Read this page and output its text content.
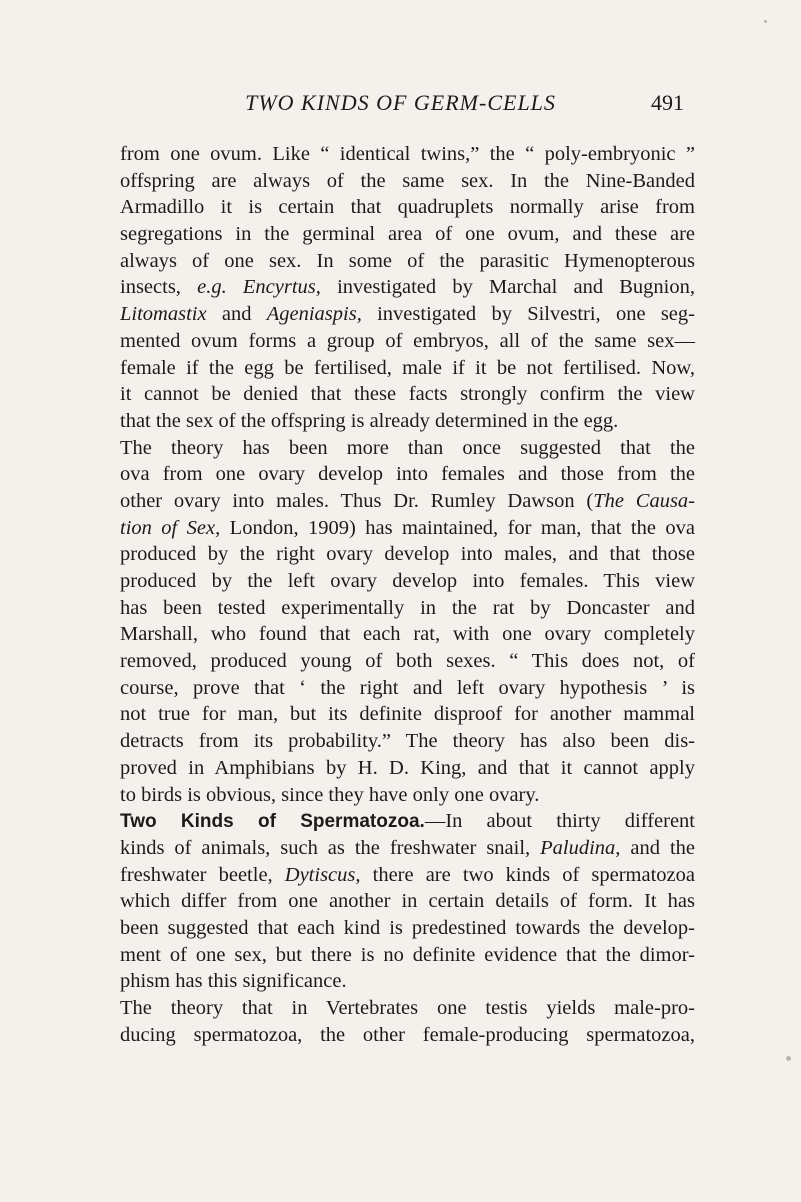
TWO KINDS OF GERM-CELLS	491
from one ovum. Like “ identical twins,” the “ poly-embryonic ”
offspring are always of the same sex. In the Nine-Banded
Armadillo it is certain that quadruplets normally arise from
segregations in the germinal area of one ovum, and these are
always of one sex. In some of the parasitic Hymenopterous
insects, e.g. Encyrtus, investigated by Marchal and Bugnion,
Litomastix and Ageniaspis, investigated by Silvestri, one seg-
mented ovum forms a group of embryos, all of the same sex—
female if the egg be fertilised, male if it be not fertilised. Now,
it cannot be denied that these facts strongly confirm the view
that the sex of the offspring is already determined in the egg.
The theory has been more than once suggested that the
ova from one ovary develop into females and those from the
other ovary into males. Thus Dr. Rumley Dawson (The Causa-
tion of Sex, London, 1909) has maintained, for man, that the ova
produced by the right ovary develop into males, and that those
produced by the left ovary develop into females. This view
has been tested experimentally in the rat by Doncaster and
Marshall, who found that each rat, with one ovary completely
removed, produced young of both sexes. “ This does not, of
course, prove that ‘ the right and left ovary hypothesis ’ is
not true for man, but its definite disproof for another mammal
detracts from its probability.” The theory has also been dis-
proved in Amphibians by H. D. King, and that it cannot apply
to birds is obvious, since they have only one ovary.
Two Kinds of Spermatozoa.—In about thirty different
kinds of animals, such as the freshwater snail, Paludina, and the
freshwater beetle, Dytiscus, there are two kinds of spermatozoa
which differ from one another in certain details of form. It has
been suggested that each kind is predestined towards the develop-
ment of one sex, but there is no definite evidence that the dimor-
phism has this significance.
The theory that in Vertebrates one testis yields male-pro-
ducing spermatozoa, the other female-producing spermatozoa,
